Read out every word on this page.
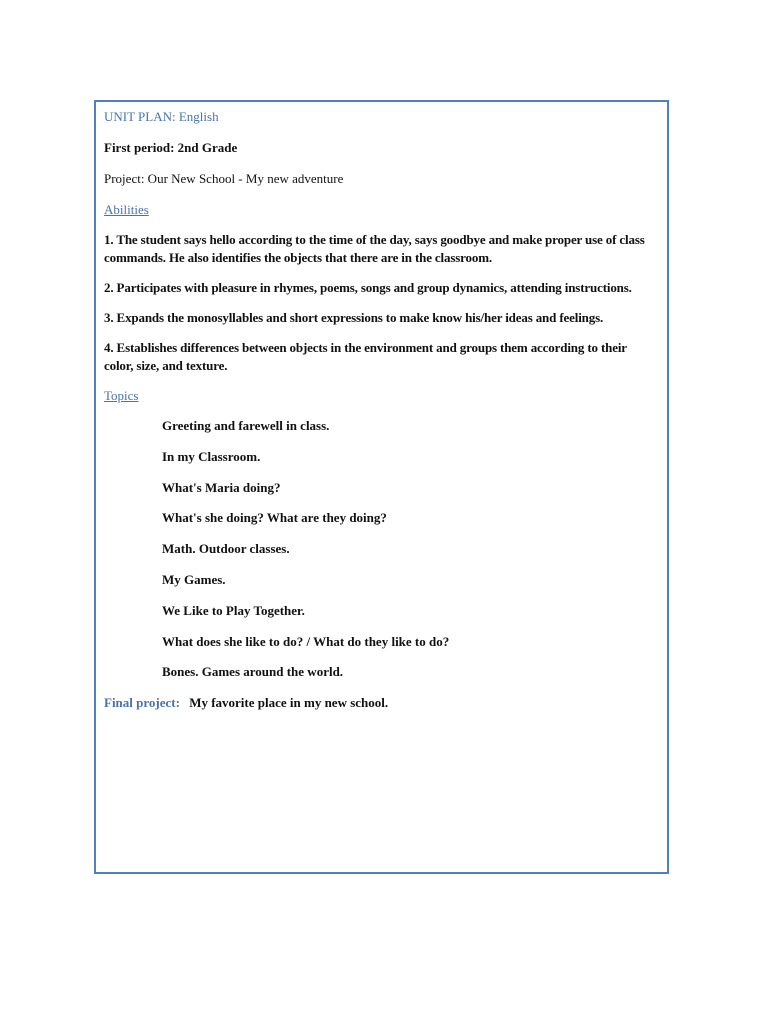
UNIT PLAN: English
First period: 2nd Grade
Project: Our New School - My new adventure
Abilities
1. The student says hello according to the time of the day, says goodbye and make proper use of class commands. He also identifies the objects that there are in the classroom.
2. Participates with pleasure in rhymes, poems, songs and group dynamics, attending instructions.
3. Expands the monosyllables and short expressions to make know his/her ideas and feelings.
4. Establishes differences between objects in the environment and groups them according to their color, size, and texture.
Topics
Greeting and farewell in class.
In my Classroom.
What's Maria doing?
What's she doing? What are they doing?
Math. Outdoor classes.
My Games.
We Like to Play Together.
What does she like to do? / What do they like to do?
Bones. Games around the world.
Final project: My favorite place in my new school.
